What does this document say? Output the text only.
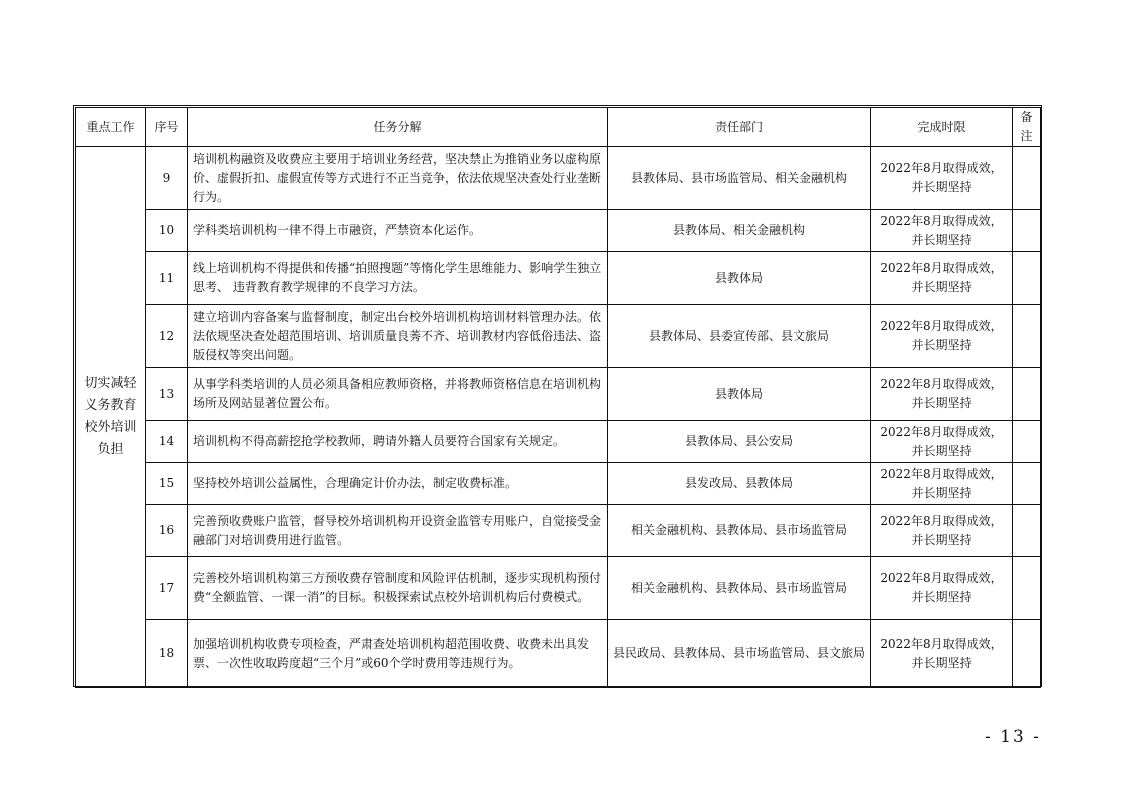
重点工作	序号	任务分解	责任部门	完成时限	备注
切实减轻义务教育校外培训负担	9	培训机构融资及收费应主要用于培训业务经营，坚决禁止为推销业务以虚构原价、虚假折扣、虚假宣传等方式进行不正当竞争，依法依规坚决查处行业垄断行为。	县教体局、县市场监管局、相关金融机构	2022年8月取得成效，并长期坚持	
	10	学科类培训机构一律不得上市融资，严禁资本化运作。	县教体局、相关金融机构	2022年8月取得成效，并长期坚持	
	11	线上培训机构不得提供和传播“拍照搜题”等惰化学生思维能力、影响学生独立思考、 违背教育教学规律的不良学习方法。	县教体局	2022年8月取得成效，并长期坚持	
	12	建立培训内容备案与监督制度，制定出台校外培训机构培训材料管理办法。依法依规坚决查处超范围培训、培训质量良莠不齐、培训教材内容低俗违法、盗版侵权等突出问题。	县教体局、县委宣传部、县文旅局	2022年8月取得成效，并长期坚持	
	13	从事学科类培训的人员必须具备相应教师资格，并将教师资格信息在培训机构场所及网站显著位置公布。	县教体局	2022年8月取得成效，并长期坚持	
	14	培训机构不得高薪挖抢学校教师，聘请外籍人员要符合国家有关规定。	县教体局、县公安局	2022年8月取得成效，并长期坚持	
	15	坚持校外培训公益属性，合理确定计价办法，制定收费标准。	县发改局、县教体局	2022年8月取得成效，并长期坚持	
	16	完善预收费账户监管，督导校外培训机构开设资金监管专用账户，自觉接受金融部门对培训费用进行监管。	相关金融机构、县教体局、县市场监管局	2022年8月取得成效，并长期坚持	
	17	完善校外培训机构第三方预收费存管制度和风险评估机制，逐步实现机构预付费“全额监管、一课一消”的目标。积极探索试点校外培训机构后付费模式。	相关金融机构、县教体局、县市场监管局	2022年8月取得成效，并长期坚持	
	18	加强培训机构收费专项检查，严肃查处培训机构超范围收费、收费未出具发票、一次性收取跨度超“三个月”或60个学时费用等违规行为。	县民政局、县教体局、县市场监管局、县文旅局	2022年8月取得成效，并长期坚持	
- 13 -
